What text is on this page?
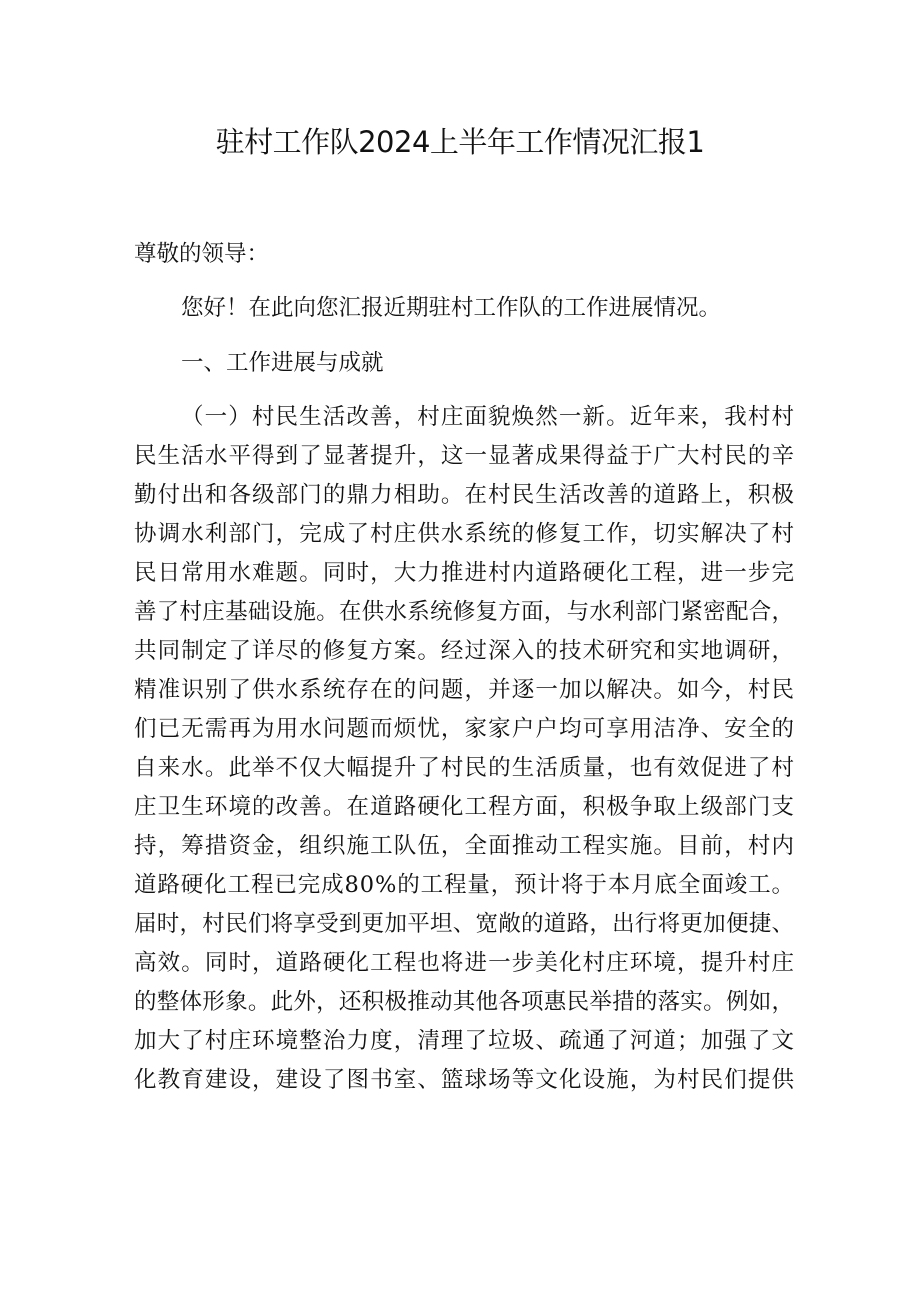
驻村工作队2024上半年工作情况汇报1

尊敬的领导：

您好！在此向您汇报近期驻村工作队的工作进展情况。

一、工作进展与成就

（一）村民生活改善，村庄面貌焕然一新。近年来，我村村
民生活水平得到了显著提升，这一显著成果得益于广大村民的辛
勤付出和各级部门的鼎力相助。在村民生活改善的道路上，积极
协调水利部门，完成了村庄供水系统的修复工作，切实解决了村
民日常用水难题。同时，大力推进村内道路硬化工程，进一步完
善了村庄基础设施。在供水系统修复方面，与水利部门紧密配合，
共同制定了详尽的修复方案。经过深入的技术研究和实地调研，
精准识别了供水系统存在的问题，并逐一加以解决。如今，村民
们已无需再为用水问题而烦忧，家家户户均可享用洁净、安全的
自来水。此举不仅大幅提升了村民的生活质量，也有效促进了村
庄卫生环境的改善。在道路硬化工程方面，积极争取上级部门支
持，筹措资金，组织施工队伍，全面推动工程实施。目前，村内
道路硬化工程已完成80%的工程量，预计将于本月底全面竣工。
届时，村民们将享受到更加平坦、宽敞的道路，出行将更加便捷、
高效。同时，道路硬化工程也将进一步美化村庄环境，提升村庄
的整体形象。此外，还积极推动其他各项惠民举措的落实。例如，
加大了村庄环境整治力度，清理了垃圾、疏通了河道；加强了文
化教育建设，建设了图书室、篮球场等文化设施，为村民们提供
